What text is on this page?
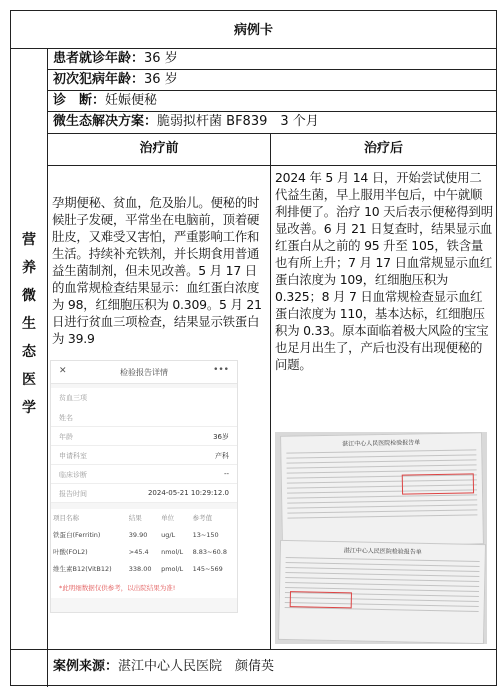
病例卡
营
养
微
生
态
医
学
患者就诊年龄：36 岁
初次犯病年龄：36 岁
诊　断：妊娠便秘
微生态解决方案：脆弱拟杆菌 BF839　3 个月
治疗前	治疗后
孕期便秘、贫血，危及胎儿。便秘的时候肚子发硬，平常坐在电脑前，顶着硬肚皮，又难受又害怕，严重影响工作和生活。持续补充铁剂，并长期食用普通益生菌制剂，但未见改善。5 月 17 日的血常规检查结果显示：血红蛋白浓度为 98，红细胞压积为 0.309。5 月 21 日进行贫血三项检查，结果显示铁蛋白为 39.9
2024 年 5 月 14 日，开始尝试使用二代益生菌，早上服用半包后，中午就顺利排便了。治疗 10 天后表示便秘得到明显改善。6 月 21 日复查时，结果显示血红蛋白从之前的 95 升至 105，铁含量也有所上升；7 月 17 日血常规显示血红蛋白浓度为 109，红细胞压积为 0.325；8 月 7 日血常规检查显示血红蛋白浓度为 110，基本达标，红细胞压积为 0.33。原本面临着极大风险的宝宝也足月出生了，产后也没有出现便秘的问题。
案例来源：湛江中心人民医院　颜倩英
✕	检验报告详情	•••
贫血三项
姓名
年龄	36岁
申请科室	产科
临床诊断	--
报告时间	2024-05-21 10:29:12.0
项目名称	结果	单位	参考值
铁蛋白(Ferritin)	39.90	ug/L	13~150
叶酸(FOL2)	>45.4	nmol/L	8.83~60.8
维生素B12(VitB12)	338.00	pmol/L	145~569
*此明细数据仅供参考，以出院结果为准!
湛江中心人民医院检验报告单
湛江中心人民医院检验报告单
